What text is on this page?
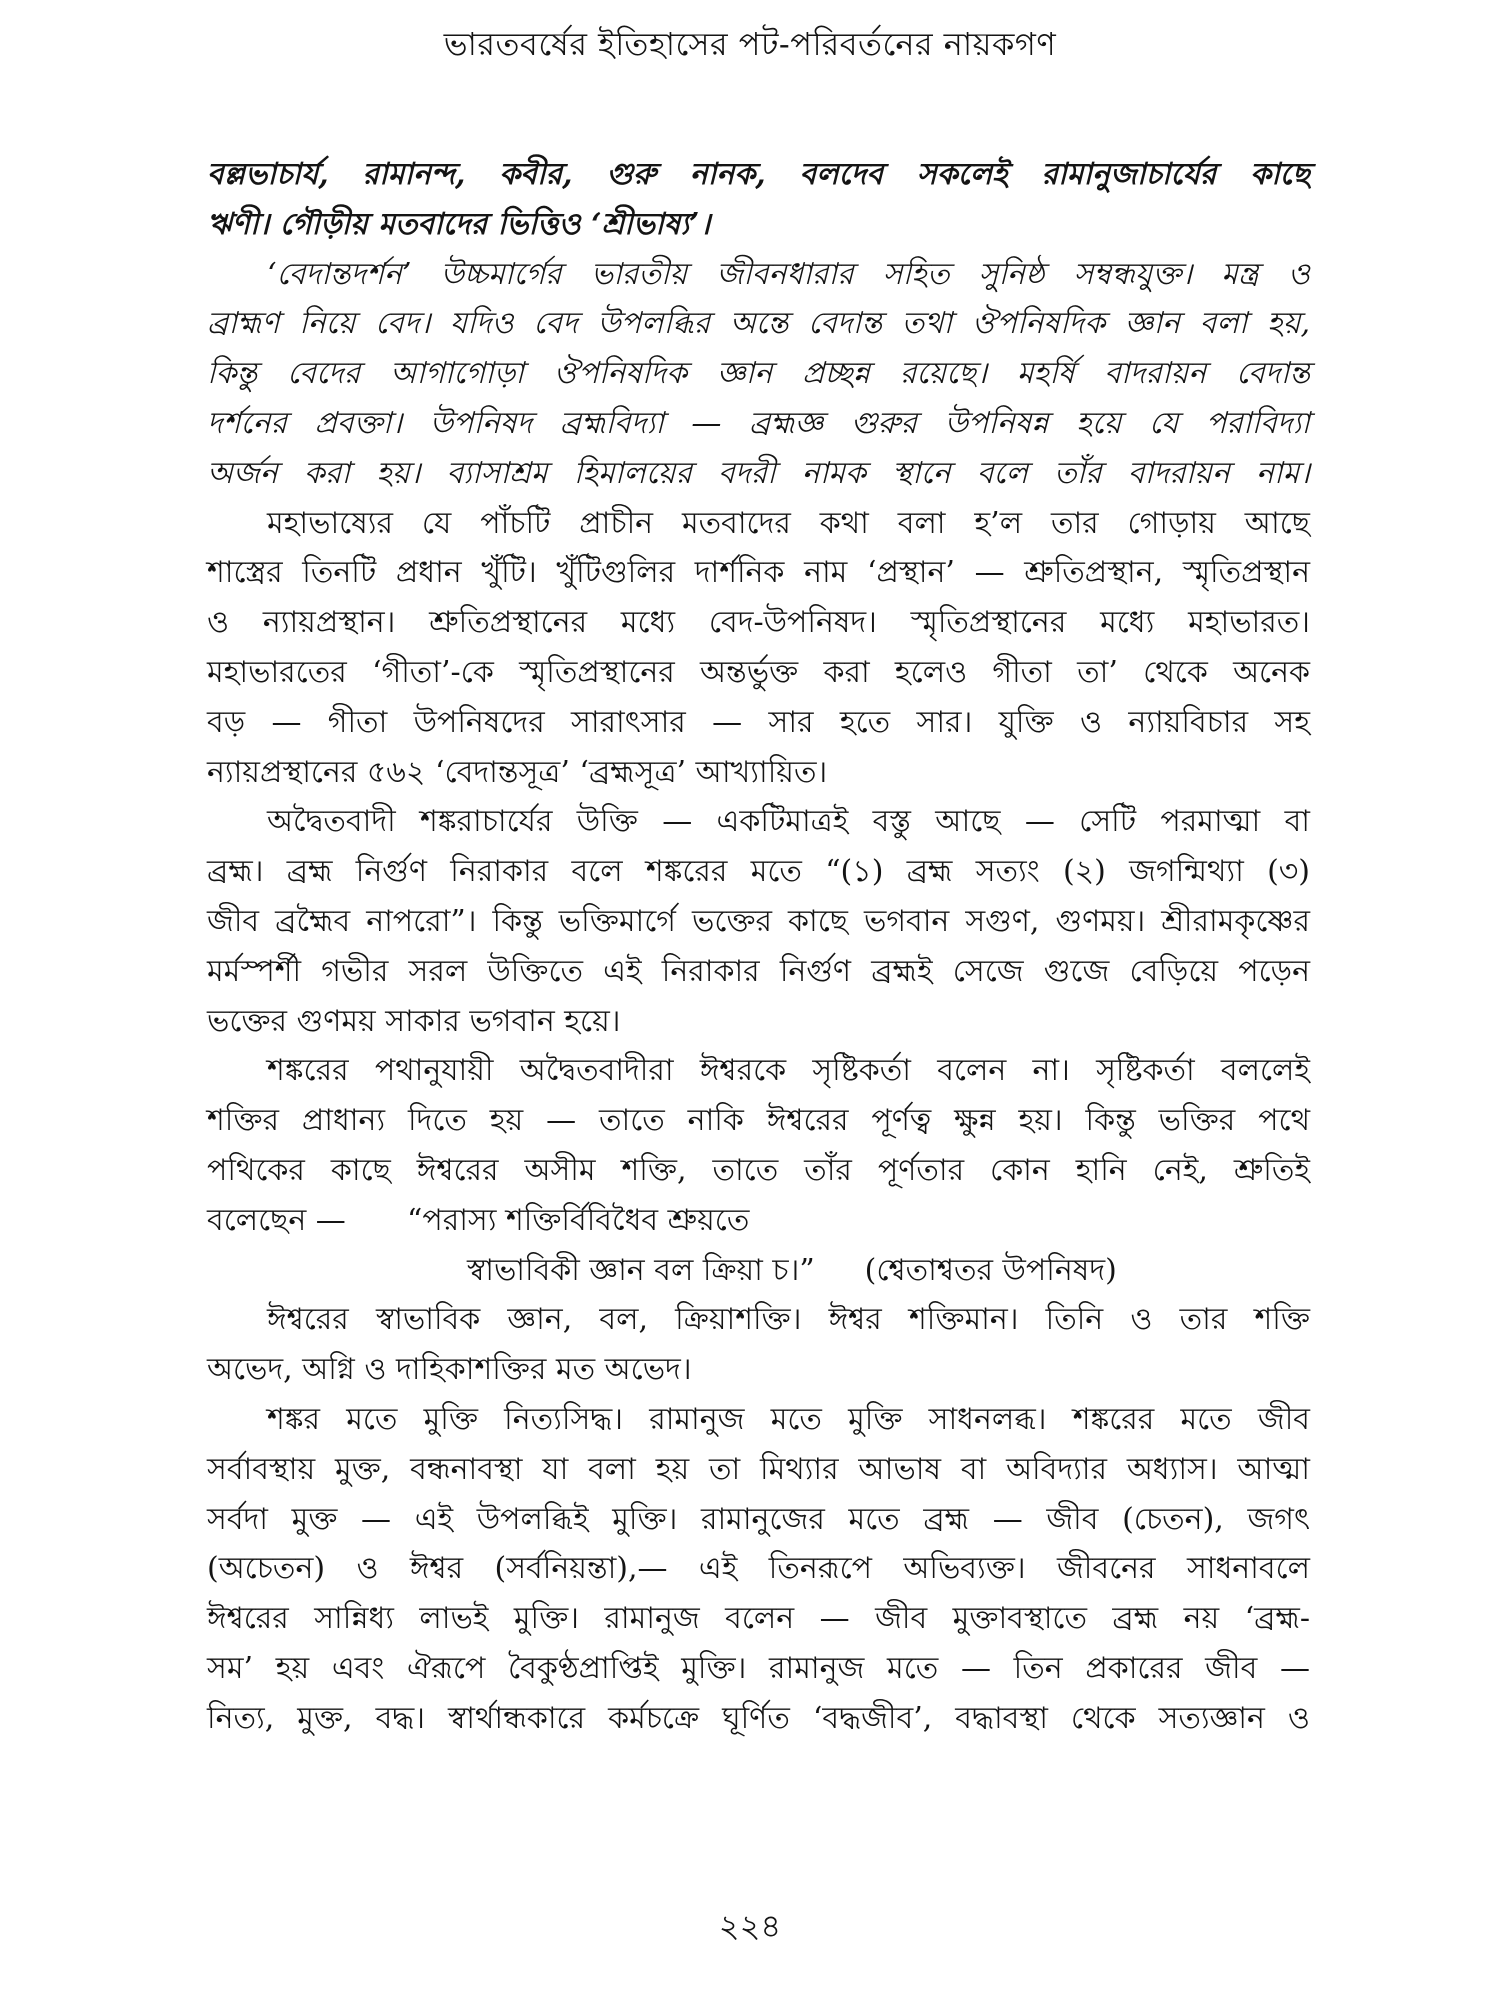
ভারতবর্ষের ইতিহাসের পট-পরিবর্তনের নায়কগণ
বল্লভাচার্য, রামানন্দ, কবীর, গুরু নানক, বলদেব সকলেই রামানুজাচার্যের কাছে
ঋণী। গৌড়ীয় মতবাদের ভিত্তিও ‘শ্রীভাষ্য’।
‘বেদান্তদর্শন’ উচ্চমার্গের ভারতীয় জীবনধারার সহিত সুনিষ্ঠ সম্বন্ধযুক্ত। মন্ত্র ও
ব্রাহ্মণ নিয়ে বেদ। যদিও বেদ উপলব্ধির অন্তে বেদান্ত তথা ঔপনিষদিক জ্ঞান বলা হয়,
কিন্তু বেদের আগাগোড়া ঔপনিষদিক জ্ঞান প্রচ্ছন্ন রয়েছে। মহর্ষি বাদরায়ন বেদান্ত
দর্শনের প্রবক্তা। উপনিষদ ব্রহ্মবিদ্যা — ব্রহ্মজ্ঞ গুরুর উপনিষন্ন হয়ে যে পরাবিদ্যা
অর্জন করা হয়। ব্যাসাশ্রম হিমালয়ের বদরী নামক স্থানে বলে তাঁর বাদরায়ন নাম।
মহাভাষ্যের যে পাঁচটি প্রাচীন মতবাদের কথা বলা হ’ল তার গোড়ায় আছে
শাস্ত্রের তিনটি প্রধান খুঁটি। খুঁটিগুলির দার্শনিক নাম ‘প্রস্থান’ — শ্রুতিপ্রস্থান, স্মৃতিপ্রস্থান
ও ন্যায়প্রস্থান। শ্রুতিপ্রস্থানের মধ্যে বেদ-উপনিষদ। স্মৃতিপ্রস্থানের মধ্যে মহাভারত।
মহাভারতের ‘গীতা’-কে স্মৃতিপ্রস্থানের অন্তর্ভুক্ত করা হলেও গীতা তা’ থেকে অনেক
বড় — গীতা উপনিষদের সারাৎসার — সার হতে সার। যুক্তি ও ন্যায়বিচার সহ
ন্যায়প্রস্থানের ৫৬২ ‘বেদান্তসূত্র’ ‘ব্রহ্মসূত্র’ আখ্যায়িত।
অদ্বৈতবাদী শঙ্করাচার্যের উক্তি — একটিমাত্রই বস্তু আছে — সেটি পরমাত্মা বা
ব্রহ্ম। ব্রহ্ম নির্গুণ নিরাকার বলে শঙ্করের মতে “(১) ব্রহ্ম সত্যং (২) জগন্মিথ্যা (৩)
জীব ব্রহ্মৈব নাপরো”। কিন্তু ভক্তিমার্গে ভক্তের কাছে ভগবান সগুণ, গুণময়। শ্রীরামকৃষ্ণের
মর্মস্পর্শী গভীর সরল উক্তিতে এই নিরাকার নির্গুণ ব্রহ্মই সেজে গুজে বেড়িয়ে পড়েন
ভক্তের গুণময় সাকার ভগবান হয়ে।
শঙ্করের পথানুযায়ী অদ্বৈতবাদীরা ঈশ্বরকে সৃষ্টিকর্তা বলেন না। সৃষ্টিকর্তা বললেই
শক্তির প্রাধান্য দিতে হয় — তাতে নাকি ঈশ্বরের পূর্ণত্ব ক্ষুন্ন হয়। কিন্তু ভক্তির পথে
পথিকের কাছে ঈশ্বরের অসীম শক্তি, তাতে তাঁর পূর্ণতার কোন হানি নেই, শ্রুতিই
বলেছেন — “পরাস্য শক্তির্বিবিধৈব শ্রুয়তে
স্বাভাবিকী জ্ঞান বল ক্রিয়া চ।” (শ্বেতাশ্বতর উপনিষদ)
ঈশ্বরের স্বাভাবিক জ্ঞান, বল, ক্রিয়াশক্তি। ঈশ্বর শক্তিমান। তিনি ও তার শক্তি
অভেদ, অগ্নি ও দাহিকাশক্তির মত অভেদ।
শঙ্কর মতে মুক্তি নিত্যসিদ্ধ। রামানুজ মতে মুক্তি সাধনলব্ধ। শঙ্করের মতে জীব
সর্বাবস্থায় মুক্ত, বন্ধনাবস্থা যা বলা হয় তা মিথ্যার আভাষ বা অবিদ্যার অধ্যাস। আত্মা
সর্বদা মুক্ত — এই উপলব্ধিই মুক্তি। রামানুজের মতে ব্রহ্ম — জীব (চেতন), জগৎ
(অচেতন) ও ঈশ্বর (সর্বনিয়ন্তা),— এই তিনরূপে অভিব্যক্ত। জীবনের সাধনাবলে
ঈশ্বরের সান্নিধ্য লাভই মুক্তি। রামানুজ বলেন — জীব মুক্তাবস্থাতে ব্রহ্ম নয় ‘ব্রহ্ম-
সম’ হয় এবং ঐরূপে বৈকুণ্ঠপ্রাপ্তিই মুক্তি। রামানুজ মতে — তিন প্রকারের জীব —
নিত্য, মুক্ত, বদ্ধ। স্বার্থান্ধকারে কর্মচক্রে ঘূর্ণিত ‘বদ্ধজীব’, বদ্ধাবস্থা থেকে সত্যজ্ঞান ও
২২৪
